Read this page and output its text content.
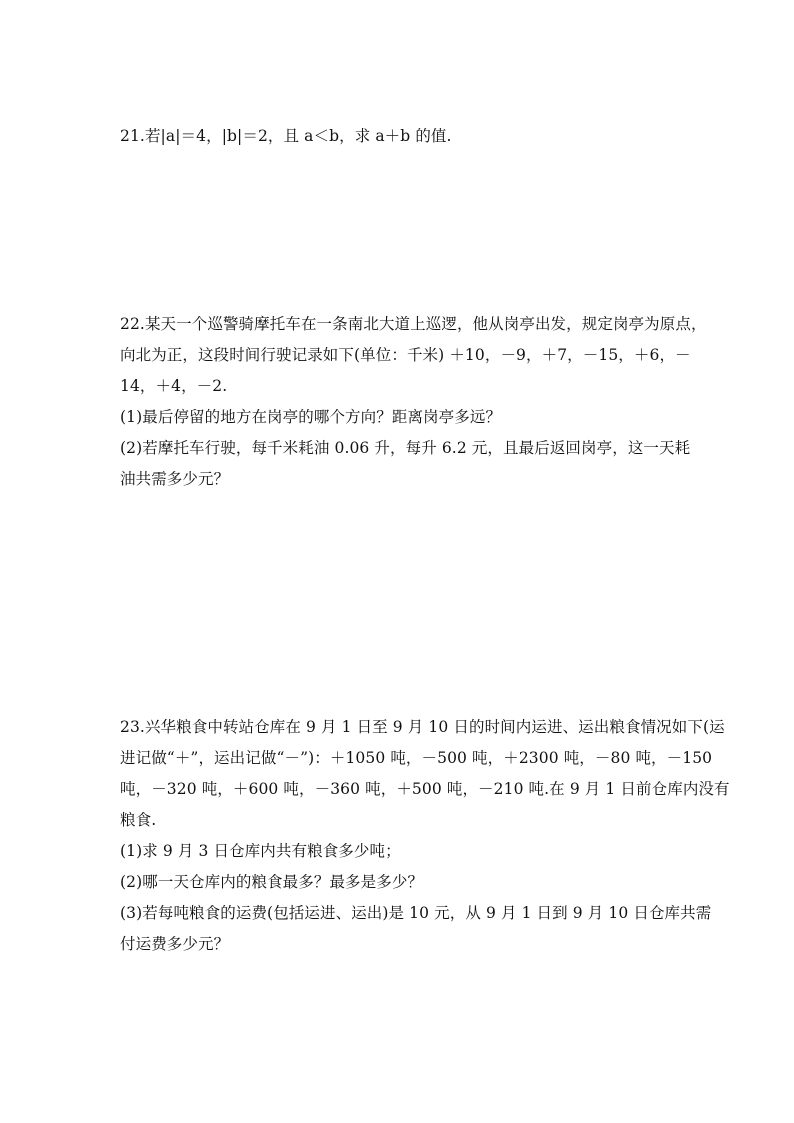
21.若|a|＝4，|b|＝2，且 a＜b，求 a＋b 的值.
22.某天一个巡警骑摩托车在一条南北大道上巡逻，他从岗亭出发，规定岗亭为原点，
向北为正，这段时间行驶记录如下(单位：千米) ＋10，－9，＋7，－15，＋6，－
14，＋4，－2.
(1)最后停留的地方在岗亭的哪个方向？距离岗亭多远？
(2)若摩托车行驶，每千米耗油 0.06 升，每升 6.2 元，且最后返回岗亭，这一天耗
油共需多少元？
23.兴华粮食中转站仓库在 9 月 1 日至 9 月 10 日的时间内运进、运出粮食情况如下(运
进记做“＋”，运出记做“－”)：＋1050 吨，－500 吨，＋2300 吨，－80 吨，－150
吨，－320 吨，＋600 吨，－360 吨，＋500 吨，－210 吨.在 9 月 1 日前仓库内没有
粮食.
(1)求 9 月 3 日仓库内共有粮食多少吨；
(2)哪一天仓库内的粮食最多？最多是多少？
(3)若每吨粮食的运费(包括运进、运出)是 10 元，从 9 月 1 日到 9 月 10 日仓库共需
付运费多少元？
